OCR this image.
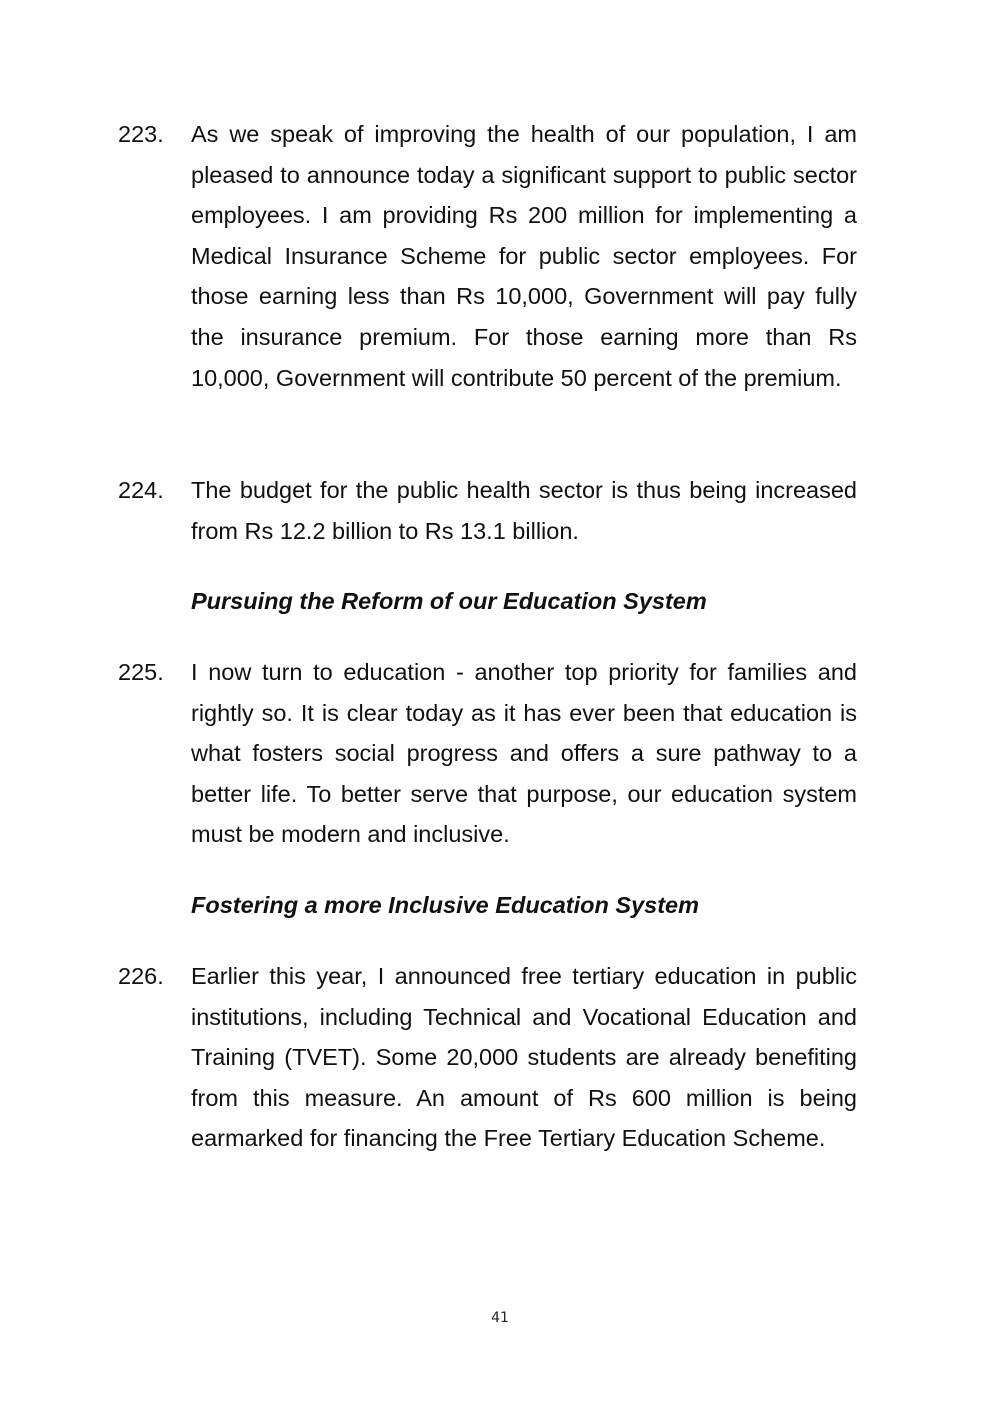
223. As we speak of improving the health of our population, I am pleased to announce today a significant support to public sector employees. I am providing Rs 200 million for implementing a Medical Insurance Scheme for public sector employees. For those earning less than Rs 10,000, Government will pay fully the insurance premium. For those earning more than Rs 10,000, Government will contribute 50 percent of the premium.
224. The budget for the public health sector is thus being increased from Rs 12.2 billion to Rs 13.1 billion.
Pursuing the Reform of our Education System
225. I now turn to education - another top priority for families and rightly so. It is clear today as it has ever been that education is what fosters social progress and offers a sure pathway to a better life. To better serve that purpose, our education system must be modern and inclusive.
Fostering a more Inclusive Education System
226. Earlier this year, I announced free tertiary education in public institutions, including Technical and Vocational Education and Training (TVET). Some 20,000 students are already benefiting from this measure. An amount of Rs 600 million is being earmarked for financing the Free Tertiary Education Scheme.
41
